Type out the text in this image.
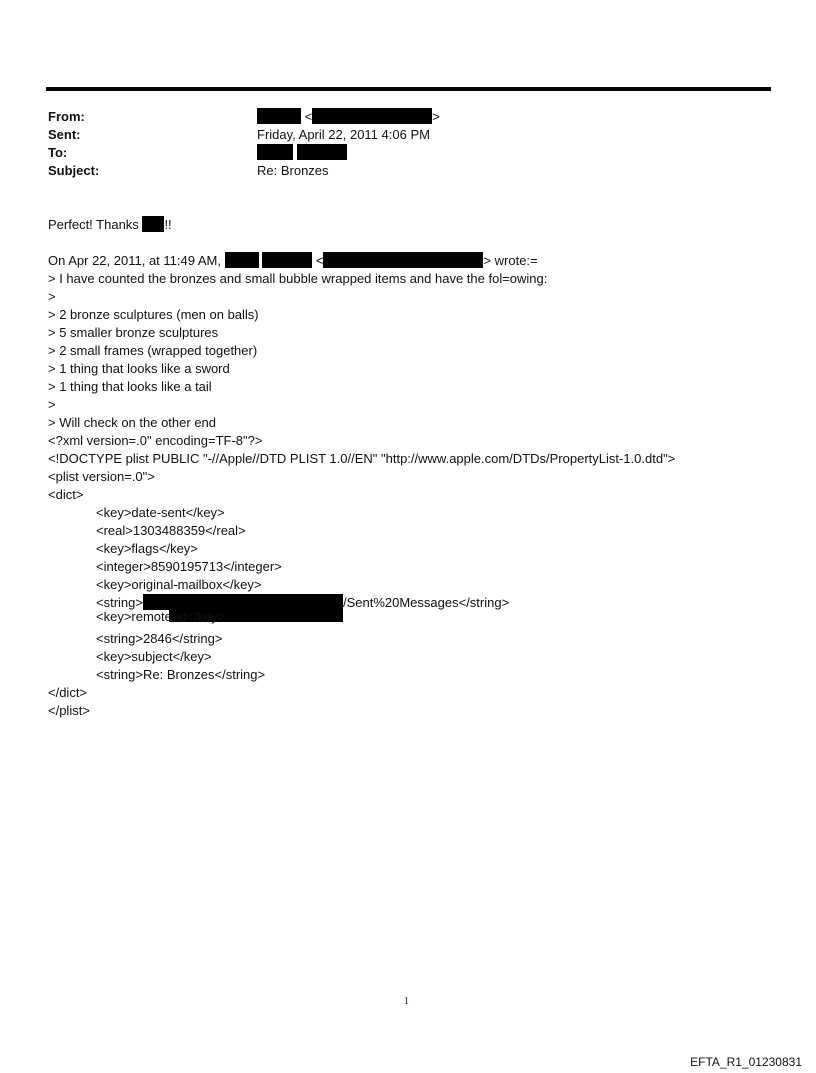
From:	<	>
Sent:	Friday, April 22, 2011 4:06 PM
To:

Subject:	Re: Bronzes
Perfect! Thanks !!
On Apr 22, 2011, at 11:49 AM,	<	> wrote:=
> I have counted the bronzes and small bubble wrapped items and have the fol=owing:
>
> 2 bronze sculptures (men on balls)
> 5 smaller bronze sculptures
> 2 small frames (wrapped together)
> 1 thing that looks like a sword
> 1 thing that looks like a tail
>
> Will check on the other end
<?xml version=.0" encoding=TF-8"?>
<!DOCTYPE plist PUBLIC "-//Apple//DTD PLIST 1.0//EN" "http://www.apple.com/DTDs/PropertyList-1.0.dtd">
<plist version=.0">
<dict>
<key>date-sent</key>
<real>1303488359</real>
<key>flags</key>
<integer>8590195713</integer>
<key>original-mailbox</key>
<string>	/Sent%20Messages</string>
<key>remote-id</key>
<string>2846</string>
<key>subject</key>
<string>Re: Bronzes</string>
</dict>
</plist>
1
EFTA_R1_01230831
